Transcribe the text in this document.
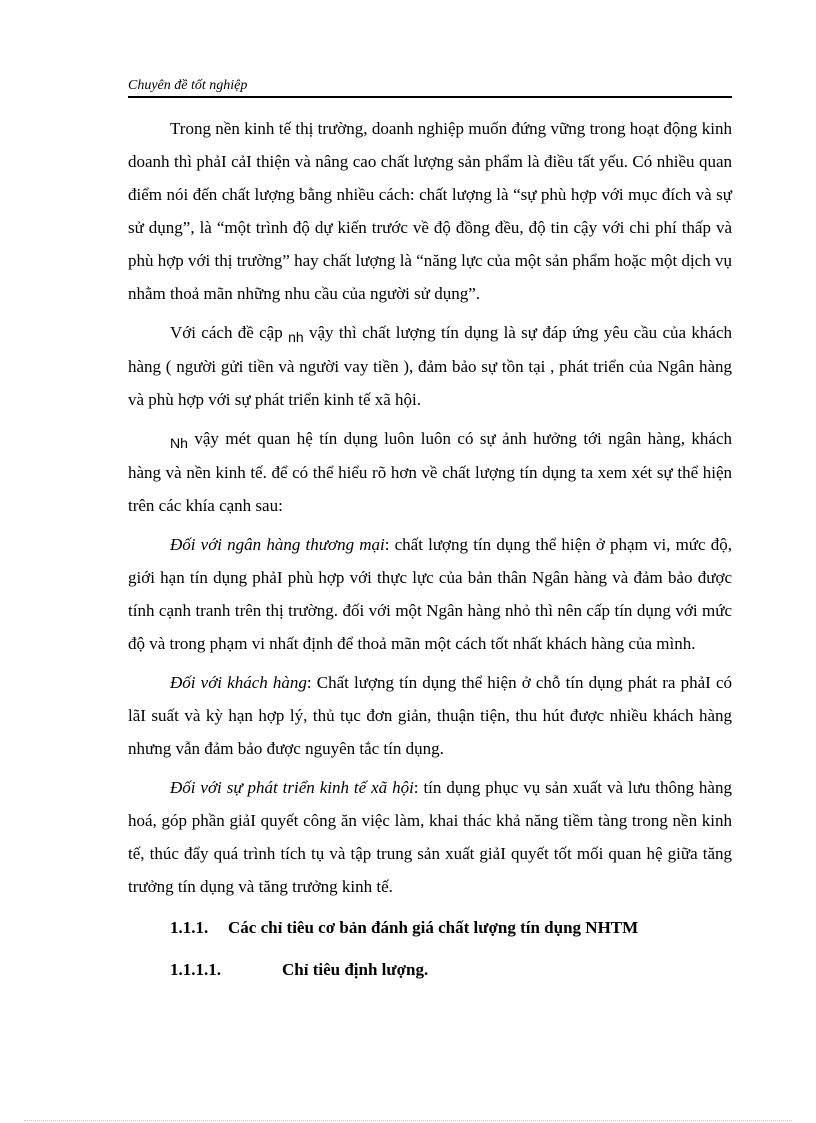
Chuyên đề tốt nghiệp

Trong nền kinh tế thị trường, doanh nghiệp muốn đứng vững trong hoạt động kinh doanh thì phảI cảI thiện và nâng cao chất lượng sản phẩm là điều tất yếu. Có nhiều quan điểm nói đến chất lượng bằng nhiều cách: chất lượng là “sự phù hợp với mục đích và sự sử dụng”, là “một trình độ dự kiến trước về độ đồng đều, độ tin cậy với chi phí thấp và phù hợp với thị trường” hay chất lượng là “năng lực của một sản phẩm hoặc một dịch vụ nhằm thoả mãn những nhu cầu của người sử dụng”.

Với cách đề cập $_{nh}$ vậy thì chất lượng tín dụng là sự đáp ứng yêu cầu của khách hàng ( người gửi tiền và người vay tiền ), đảm bảo sự tồn tại , phát triển của Ngân hàng và phù hợp với sự phát triển kinh tế xã hội.

$_{Nh}$ vậy mét quan hệ tín dụng luôn luôn có sự ảnh hưởng tới ngân hàng, khách hàng và nền kinh tế. để có thể hiểu rõ hơn về chất lượng tín dụng ta xem xét sự thể hiện trên các khía cạnh sau:

Đối với ngân hàng thương mại: chất lượng tín dụng thể hiện ở phạm vi, mức độ, giới hạn tín dụng phảI phù hợp với thực lực của bản thân Ngân hàng và đảm bảo được tính cạnh tranh trên thị trường. đối với một Ngân hàng nhỏ thì nên cấp tín dụng với mức độ và trong phạm vi nhất định để thoả mãn một cách tốt nhất khách hàng của mình.

Đối với khách hàng: Chất lượng tín dụng thể hiện ở chỗ tín dụng phát ra phảI có lãI suất và kỳ hạn hợp lý, thủ tục đơn giản, thuận tiện, thu hút được nhiều khách hàng nhưng vẫn đảm bảo được nguyên tắc tín dụng.

Đối với sự phát triển kinh tế xã hội: tín dụng phục vụ sản xuất và lưu thông hàng hoá, góp phần giảI quyết công ăn việc làm, khai thác khả năng tiềm tàng trong nền kinh tế, thúc đẩy quá trình tích tụ và tập trung sản xuất giảI quyết tốt mối quan hệ giữa tăng trưởng tín dụng và tăng trưởng kinh tế.

1.1.1. Các chỉ tiêu cơ bản đánh giá chất lượng tín dụng NHTM
1.1.1.1.	Chỉ tiêu định lượng.
